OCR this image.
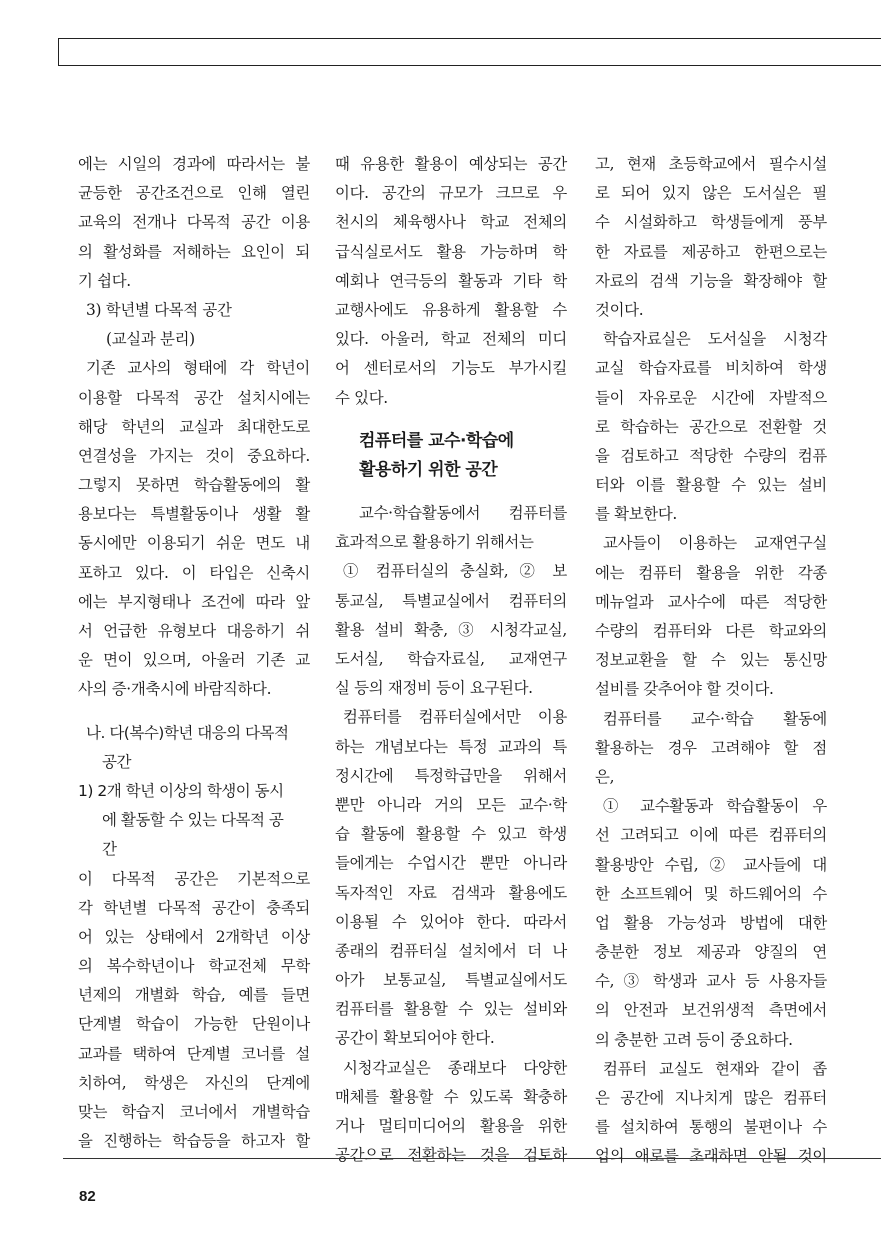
에는 시일의 경과에 따라서는 불
균등한 공간조건으로 인해 열린
교육의 전개나 다목적 공간 이용
의 활성화를 저해하는 요인이 되
기 쉽다.
3) 학년별 다목적 공간
(교실과 분리)
기존 교사의 형태에 각 학년이
이용할 다목적 공간 설치시에는
해당 학년의 교실과 최대한도로
연결성을 가지는 것이 중요하다.
그렇지 못하면 학습활동에의 활
용보다는 특별활동이나 생활 활
동시에만 이용되기 쉬운 면도 내
포하고 있다. 이 타입은 신축시
에는 부지형태나 조건에 따라 앞
서 언급한 유형보다 대응하기 쉬
운 면이 있으며, 아울러 기존 교
사의 증·개축시에 바람직하다.
나. 다(복수)학년 대응의 다목적
공간
1) 2개 학년 이상의 학생이 동시
에 활동할 수 있는 다목적 공
간
이 다목적 공간은 기본적으로
각 학년별 다목적 공간이 충족되
어 있는 상태에서 2개학년 이상
의 복수학년이나 학교전체 무학
년제의 개별화 학습, 예를 들면
단계별 학습이 가능한 단원이나
교과를 택하여 단계별 코너를 설
치하여, 학생은 자신의 단계에
맞는 학습지 코너에서 개별학습
을 진행하는 학습등을 하고자 할
때 유용한 활용이 예상되는 공간
이다. 공간의 규모가 크므로 우
천시의 체육행사나 학교 전체의
급식실로서도 활용 가능하며 학
예회나 연극등의 활동과 기타 학
교행사에도 유용하게 활용할 수
있다. 아울러, 학교 전체의 미디
어 센터로서의 기능도 부가시킬
수 있다.
컴퓨터를 교수·학습에
활용하기 위한 공간
교수·학습활동에서 컴퓨터를
효과적으로 활용하기 위해서는
① 컴퓨터실의 충실화, ② 보
통교실, 특별교실에서 컴퓨터의
활용 설비 확충, ③ 시청각교실,
도서실, 학습자료실, 교재연구
실 등의 재정비 등이 요구된다.
컴퓨터를 컴퓨터실에서만 이용
하는 개념보다는 특정 교과의 특
정시간에 특정학급만을 위해서
뿐만 아니라 거의 모든 교수·학
습 활동에 활용할 수 있고 학생
들에게는 수업시간 뿐만 아니라
독자적인 자료 검색과 활용에도
이용될 수 있어야 한다. 따라서
종래의 컴퓨터실 설치에서 더 나
아가 보통교실, 특별교실에서도
컴퓨터를 활용할 수 있는 설비와
공간이 확보되어야 한다.
시청각교실은 종래보다 다양한
매체를 활용할 수 있도록 확충하
거나 멀티미디어의 활용을 위한
공간으로 전환하는 것을 검토하
고, 현재 초등학교에서 필수시설
로 되어 있지 않은 도서실은 필
수 시설화하고 학생들에게 풍부
한 자료를 제공하고 한편으로는
자료의 검색 기능을 확장해야 할
것이다.
학습자료실은 도서실을 시청각
교실 학습자료를 비치하여 학생
들이 자유로운 시간에 자발적으
로 학습하는 공간으로 전환할 것
을 검토하고 적당한 수량의 컴퓨
터와 이를 활용할 수 있는 설비
를 확보한다.
교사들이 이용하는 교재연구실
에는 컴퓨터 활용을 위한 각종
메뉴얼과 교사수에 따른 적당한
수량의 컴퓨터와 다른 학교와의
정보교환을 할 수 있는 통신망
설비를 갖추어야 할 것이다.
컴퓨터를 교수·학습 활동에
활용하는 경우 고려해야 할 점
은,
① 교수활동과 학습활동이 우
선 고려되고 이에 따른 컴퓨터의
활용방안 수립, ② 교사들에 대
한 소프트웨어 및 하드웨어의 수
업 활용 가능성과 방법에 대한
충분한 정보 제공과 양질의 연
수, ③ 학생과 교사 등 사용자들
의 안전과 보건위생적 측면에서
의 충분한 고려 등이 중요하다.
컴퓨터 교실도 현재와 같이 좁
은 공간에 지나치게 많은 컴퓨터
를 설치하여 통행의 불편이나 수
업의 애로를 초래하면 안될 것이
82
